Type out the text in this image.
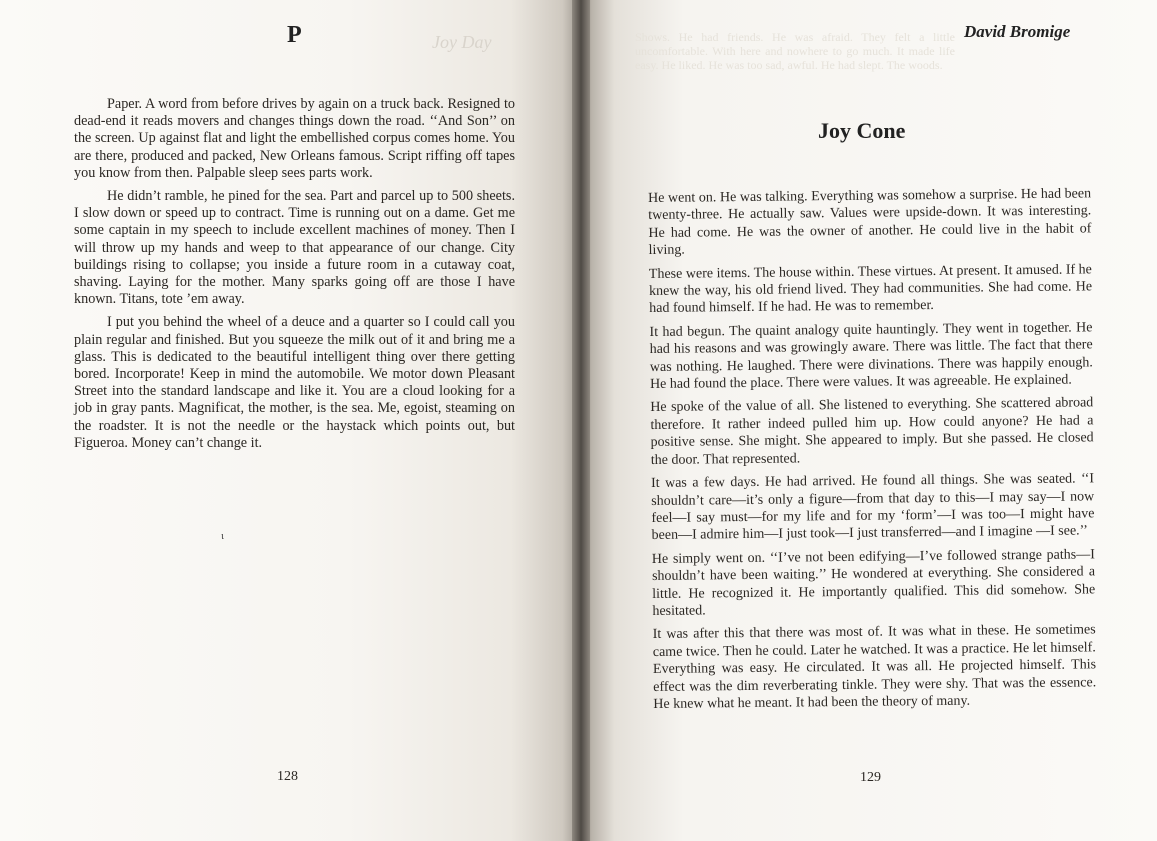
P	Joy Day

Paper. A word from before drives by again on a truck back. Resigned to dead-end it reads movers and changes things down the road. ‘‘And Son’’ on the screen. Up against flat and light the embellished corpus comes home. You are there, produced and packed, New Orleans famous. Script riffing off tapes you know from then. Palpable sleep sees parts work.

He didn’t ramble, he pined for the sea. Part and parcel up to 500 sheets. I slow down or speed up to contract. Time is running out on a dame. Get me some captain in my speech to include excellent machines of money. Then I will throw up my hands and weep to that appearance of our change. City buildings rising to collapse; you inside a future room in a cutaway coat, shaving. Laying for the mother. Many sparks going off are those I have known. Titans, tote ’em away.

I put you behind the wheel of a deuce and a quarter so I could call you plain regular and finished. But you squeeze the milk out of it and bring me a glass. This is dedicated to the beautiful intelligent thing over there getting bored. Incorporate! Keep in mind the automobile. We motor down Pleasant Street into the standard landscape and like it. You are a cloud looking for a job in gray pants. Magnificat, the mother, is the sea. Me, egoist, steaming on the roadster. It is not the needle or the haystack which points out, but Figueroa. Money can’t change it.

ι
128
Shows. He had friends. He was afraid. They felt a little uncomfortable. With here and nowhere to go much. It made life easy. He liked. He was too sad, awful. He had slept. The woods.
David Bromige
Joy Cone

He went on. He was talking. Everything was somehow a surprise. He had been twenty-three. He actually saw. Values were upside-down. It was interesting. He had come. He was the owner of another. He could live in the habit of living.

These were items. The house within. These virtues. At present. It amused. If he knew the way, his old friend lived. They had communities. She had come. He had found himself. If he had. He was to remember.

It had begun. The quaint analogy quite hauntingly. They went in together. He had his reasons and was growingly aware. There was little. The fact that there was nothing. He laughed. There were divinations. There was happily enough. He had found the place. There were values. It was agreeable. He explained.

He spoke of the value of all. She listened to everything. She scattered abroad therefore. It rather indeed pulled him up. How could anyone? He had a positive sense. She might. She appeared to imply. But she passed. He closed the door. That represented.

It was a few days. He had arrived. He found all things. She was seated. ‘‘I shouldn’t care—it’s only a figure—from that day to this—I may say—I now feel—I say must—for my life and for my ‘form’—I was too—I might have been—I admire him—I just took—I just transferred—and I imagine —I see.’’

He simply went on. ‘‘I’ve not been edifying—I’ve followed strange paths—I shouldn’t have been waiting.’’ He wondered at everything. She considered a little. He recognized it. He importantly qualified. This did somehow. She hesitated.

It was after this that there was most of. It was what in these. He sometimes came twice. Then he could. Later he watched. It was a practice. He let himself. Everything was easy. He circulated. It was all. He projected himself. This effect was the dim reverberating tinkle. They were shy. That was the essence. He knew what he meant. It had been the theory of many.

129
